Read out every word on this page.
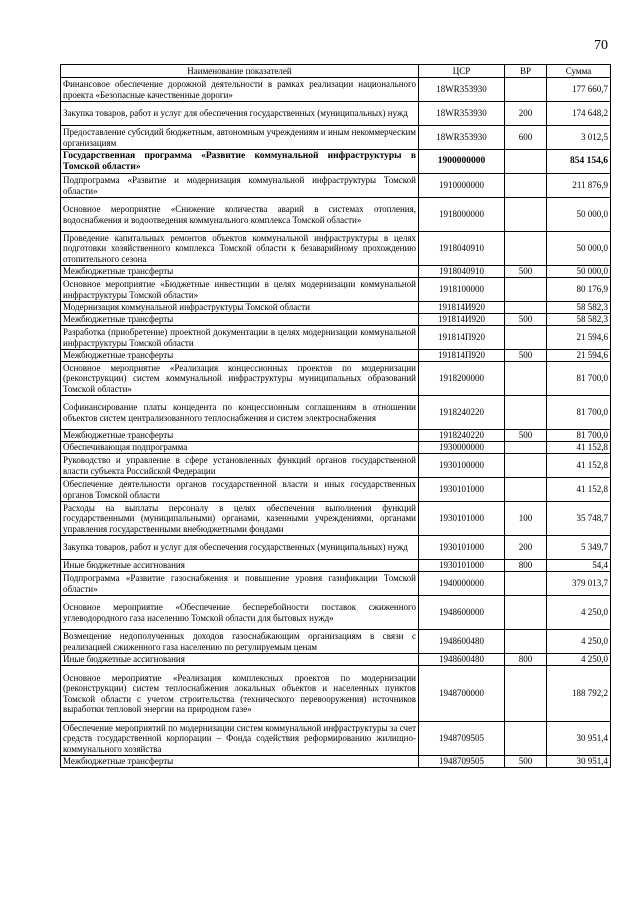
70
Наименование показателей	ЦСР	ВР	Сумма
Финансовое обеспечение дорожной деятельности в рамках реализации национального проекта «Безопасные качественные дороги»	18WR353930		177 660,7
Закупка товаров, работ и услуг для обеспечения государственных (муниципальных) нужд	18WR353930	200	174 648,2
Предоставление субсидий бюджетным, автономным учреждениям и иным некоммерческим организациям	18WR353930	600	3 012,5
Государственная программа «Развитие коммунальной инфраструктуры в Томской области»	1900000000		854 154,6
Подпрограмма «Развитие и модернизация коммунальной инфраструктуры Томской области»	1910000000		211 876,9
Основное мероприятие «Снижение количества аварий в системах отопления, водоснабжения и водоотведения коммунального комплекса Томской области»	1918000000		50 000,0
Проведение капитальных ремонтов объектов коммунальной инфраструктуры в целях подготовки хозяйственного комплекса Томской области к безаварийному прохождению отопительного сезона	1918040910		50 000,0
Межбюджетные трансферты	1918040910	500	50 000,0
Основное мероприятие «Бюджетные инвестиции в целях модернизации коммунальной инфраструктуры Томской области»	1918100000		80 176,9
Модернизация коммунальной инфраструктуры Томской области	191814И920		58 582,3
Межбюджетные трансферты	191814И920	500	58 582,3
Разработка (приобретение) проектной документации в целях модернизации коммунальной инфраструктуры Томской области	191814П920		21 594,6
Межбюджетные трансферты	191814П920	500	21 594,6
Основное мероприятие «Реализация концессионных проектов по модернизации (реконструкции) систем коммунальной инфраструктуры муниципальных образований Томской области»	1918200000		81 700,0
Софинансирование платы концедента по концессионным соглашениям в отношении объектов систем централизованного теплоснабжения и систем электроснабжения	1918240220		81 700,0
Межбюджетные трансферты	1918240220	500	81 700,0
Обеспечивающая подпрограмма	1930000000		41 152,8
Руководство и управление в сфере установленных функций органов государственной власти субъекта Российской Федерации	1930100000		41 152,8
Обеспечение деятельности органов государственной власти и иных государственных органов Томской области	1930101000		41 152,8
Расходы на выплаты персоналу в целях обеспечения выполнения функций государственными (муниципальными) органами, казенными учреждениями, органами управления государственными внебюджетными фондами	1930101000	100	35 748,7
Закупка товаров, работ и услуг для обеспечения государственных (муниципальных) нужд	1930101000	200	5 349,7
Иные бюджетные ассигнования	1930101000	800	54,4
Подпрограмма «Развитие газоснабжения и повышение уровня газификации Томской области»	1940000000		379 013,7
Основное мероприятие «Обеспечение бесперебойности поставок сжиженного углеводородного газа населению Томской области для бытовых нужд»	1948600000		4 250,0
Возмещение недополученных доходов газоснабжающим организациям в связи с реализацией сжиженного газа населению по регулируемым ценам	1948600480		4 250,0
Иные бюджетные ассигнования	1948600480	800	4 250,0
Основное мероприятие «Реализация комплексных проектов по модернизации (реконструкции) систем теплоснабжения локальных объектов и населенных пунктов Томской области с учетом строительства (технического перевооружения) источников выработки тепловой энергии на природном газе»	1948700000		188 792,2
Обеспечение мероприятий по модернизации систем коммунальной инфраструктуры за счет средств государственной корпорации – Фонда содействия реформированию жилищно-коммунального хозяйства	1948709505		30 951,4
Межбюджетные трансферты	1948709505	500	30 951,4
